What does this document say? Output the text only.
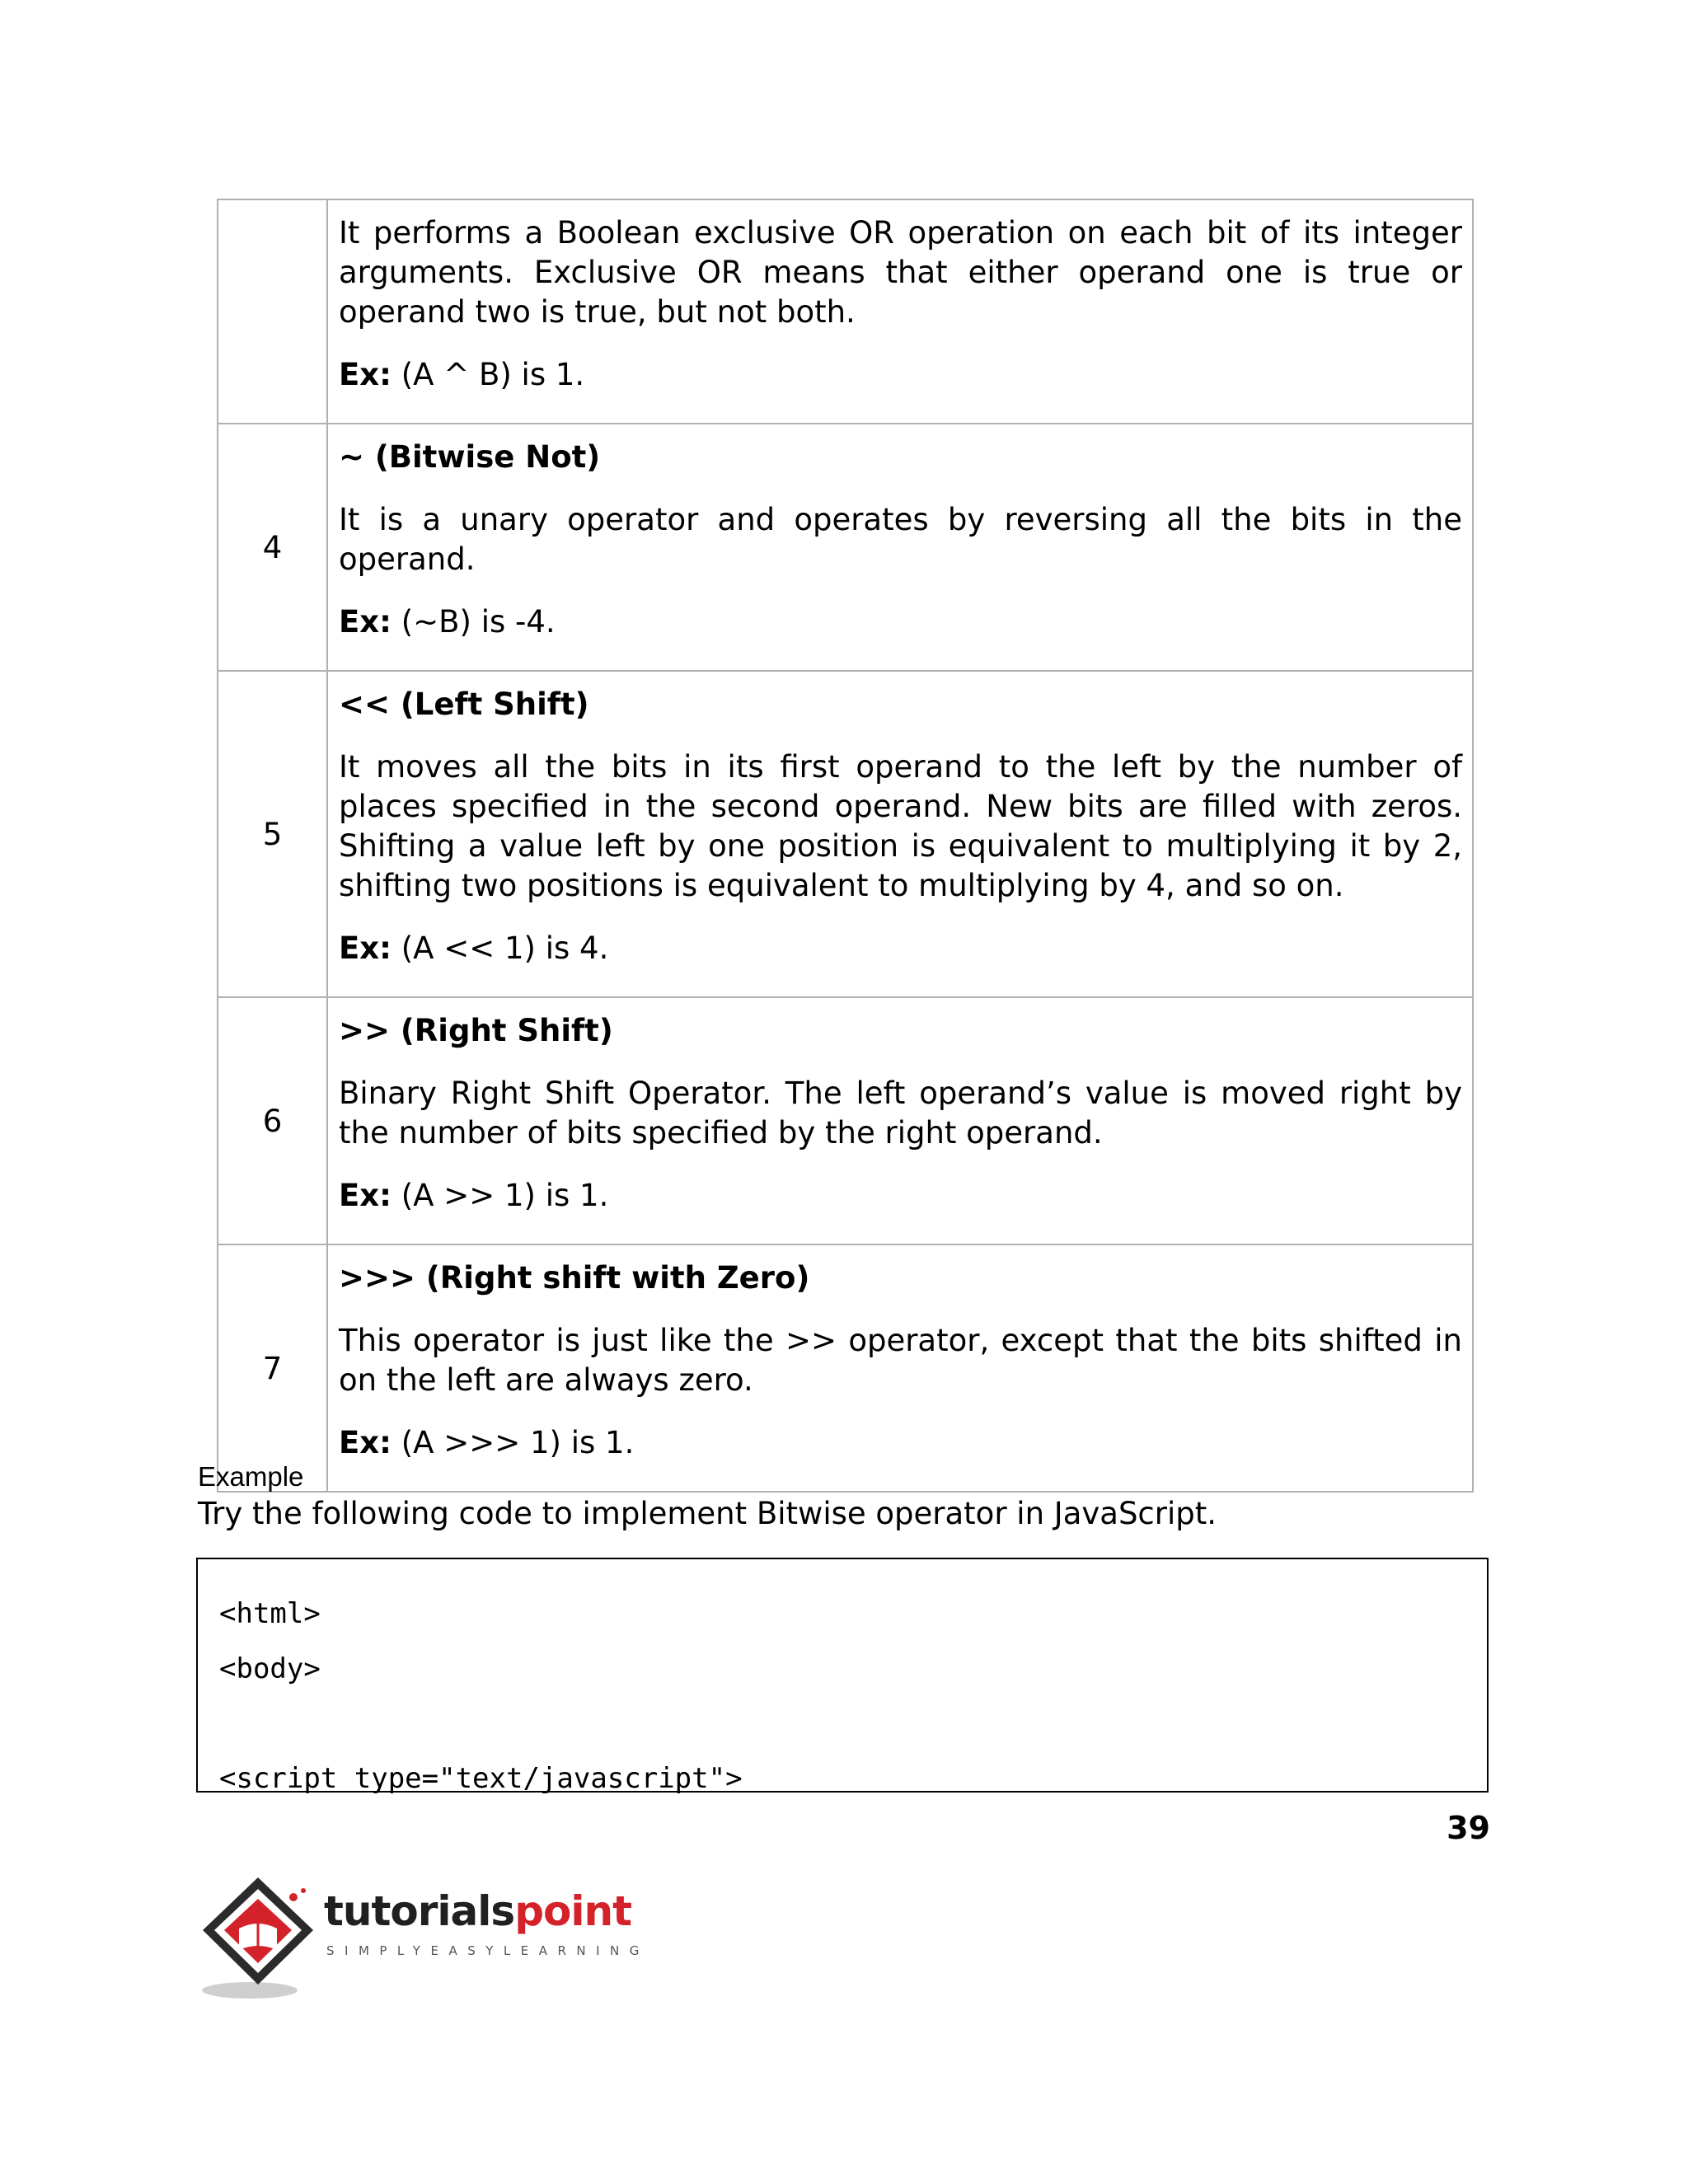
	It performs a Boolean exclusive OR operation on each bit of its integer arguments. Exclusive OR means that either operand one is true or operand two is true, but not both.

Ex: (A ^ B) is 1.

4	~ (Bitwise Not)

It is a unary operator and operates by reversing all the bits in the operand.

Ex: (~B) is -4.

5	<< (Left Shift)

It moves all the bits in its first operand to the left by the number of places specified in the second operand. New bits are filled with zeros. Shifting a value left by one position is equivalent to multiplying it by 2, shifting two positions is equivalent to multiplying by 4, and so on.

Ex: (A << 1) is 4.

6	>> (Right Shift)

Binary Right Shift Operator. The left operand’s value is moved right by the number of bits specified by the right operand.

Ex: (A >> 1) is 1.

7	>>> (Right shift with Zero)

This operator is just like the >> operator, except that the bits shifted in on the left are always zero.

Ex: (A >>> 1) is 1.

Example
Try the following code to implement Bitwise operator in JavaScript.
<html>
<body>
<script type="text/javascript">
39
tutorialspoint
SIMPLYEASYLEARNING
